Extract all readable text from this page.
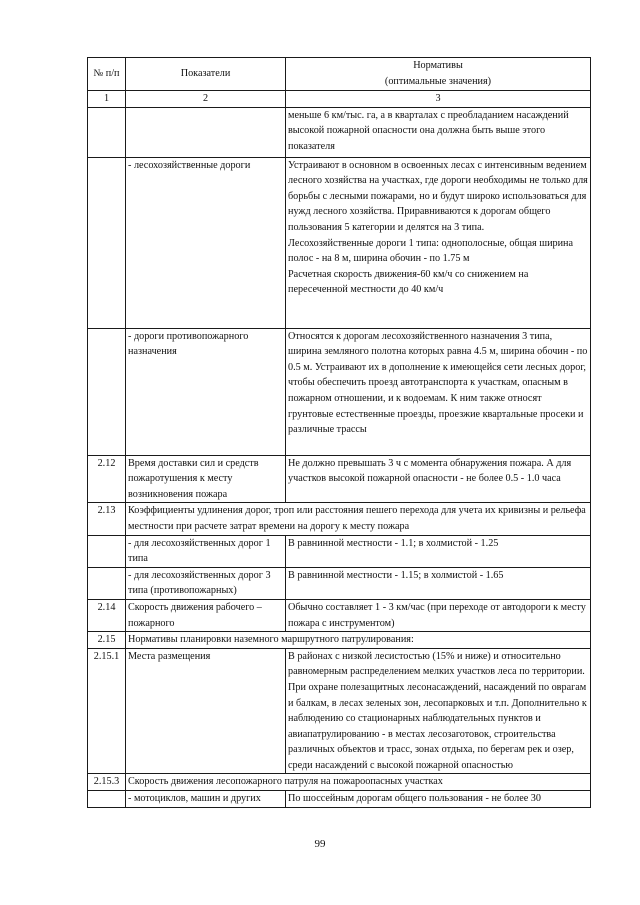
№ п/п	Показатели	Нормативы
(оптимальные значения)

1	2	3
		меньше 6 км/тыс. га, а в кварталах с преобладанием насаждений высокой пожарной опасности она должна быть выше этого показателя
	- лесохозяйственные дороги	Устраивают в основном в освоенных лесах с интенсивным ведением лесного хозяйства на участках, где дороги необходимы не только для борьбы с лесными пожарами, но и будут широко использоваться для нужд лесного хозяйства. Приравниваются к дорогам общего пользования 5 категории и делятся на 3 типа.
Лесохозяйственные дороги 1 типа: однополосные, общая ширина полос - на 8 м, ширина обочин - по 1.75 м
Расчетная скорость движения-60 км/ч со снижением на пересеченной местности до 40 км/ч

	- дороги противопожарного назначения	Относятся к дорогам лесохозяйственного назначения 3 типа, ширина земляного полотна которых равна 4.5 м, ширина обочин - по 0.5 м. Устраивают их в дополнение к имеющейся сети лесных дорог, чтобы обеспечить проезд автотранспорта к участкам, опасным в пожарном отношении, и к водоемам. К ним также относят грунтовые естественные проезды, проезжие квартальные просеки и различные трассы
2.12	Время доставки сил и средств пожаротушения к месту возникновения пожара	Не должно превышать 3 ч с момента обнаружения пожара. А для участков высокой пожарной опасности - не более 0.5 - 1.0 часа
2.13	Коэффициенты удлинения дорог, троп или расстояния пешего перехода для учета их кривизны и рельефа местности при расчете затрат времени на дорогу к месту пожара	
	- для лесохозяйственных дорог 1 типа	В равнинной местности - 1.1; в холмистой - 1.25
	- для лесохозяйственных дорог 3 типа (противопожарных)	В равнинной местности - 1.15; в холмистой - 1.65
2.14	Скорость движения рабочего – пожарного	Обычно составляет 1 - 3 км/час (при переходе от автодороги к месту пожара с инструментом)
2.15	Нормативы планировки наземного маршрутного патрулирования:	
2.15.1	Места размещения	В районах с низкой лесистостью (15% и ниже) и относительно равномерным распределением мелких участков леса по территории. При охране полезащитных лесонасаждений, насаждений по оврагам и балкам, в лесах зеленых зон, лесопарковых и т.п. Дополнительно к наблюдению со стационарных наблюдательных пунктов и авиапатрулированию - в местах лесозаготовок, строительства различных объектов и трасс, зонах отдыха, по берегам рек и озер, среди насаждений с высокой пожарной опасностью
2.15.3	Скорость движения лесопожарного патруля на пожароопасных участках	
	- мотоциклов, машин и других	По шоссейным дорогам общего пользования - не более 30
99
